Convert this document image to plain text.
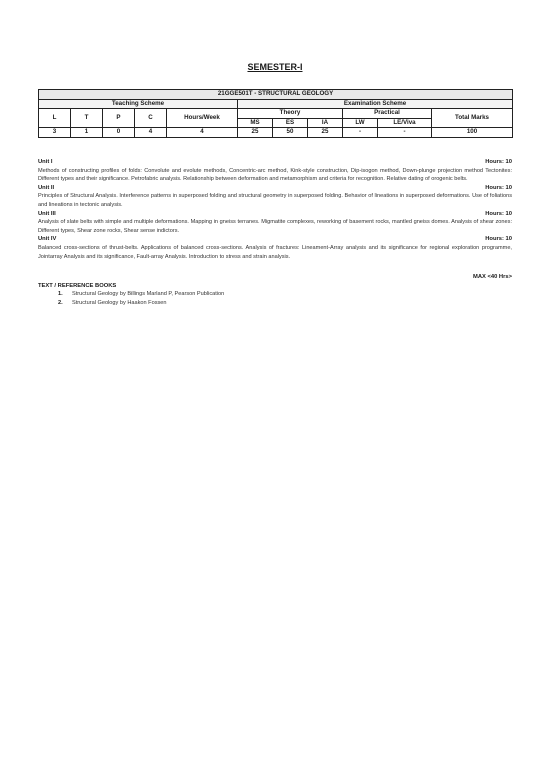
SEMESTER-I
21GGE501T - STRUCTURAL GEOLOGY										
Teaching Scheme					Examination Scheme					
L	T	P	C	Hours/Week	Theory			Practical		Total Marks
					MS	ES	IA	LW	LE/Viva	
3	1	0	4	4	25	50	25	-	-	100
Unit I	Hours: 10

Methods of constructing profiles of folds: Convolute and evolute methods, Concentric-arc method, Kink-style construction, Dip-isogon method, Down-plunge projection method Tectonites: Different types and their significance. Petrofabric analysis. Relationship between deformation and metamorphism and criteria for recognition. Relative dating of orogenic belts.

Unit II	Hours: 10

Principles of Structural Analysis. Interference patterns in superposed folding and structural geometry in superposed folding. Behavior of lineations in superposed deformations. Use of foliations and lineations in tectonic analysis.

Unit III	Hours: 10

Analysis of slate belts with simple and multiple deformations. Mapping in gneiss terranes. Migmatite complexes, reworking of basement rocks, mantled gneiss domes. Analysis of shear zones: Different types, Shear zone rocks, Shear sense indictors.

Unit IV	Hours: 10

Balanced cross-sections of thrust-belts. Applications of balanced cross-sections. Analysis of fractures: Lineament-Array analysis and its significance for regional exploration programme, Jointarray Analysis and its significance, Fault-array Analysis. Introduction to stress and strain analysis.

MAX <40 Hrs>
TEXT / REFERENCE BOOKS
1.	Structural Geology by Billings Marland P, Pearson Publication
2.	Structural Geology by Haakon Fossen
